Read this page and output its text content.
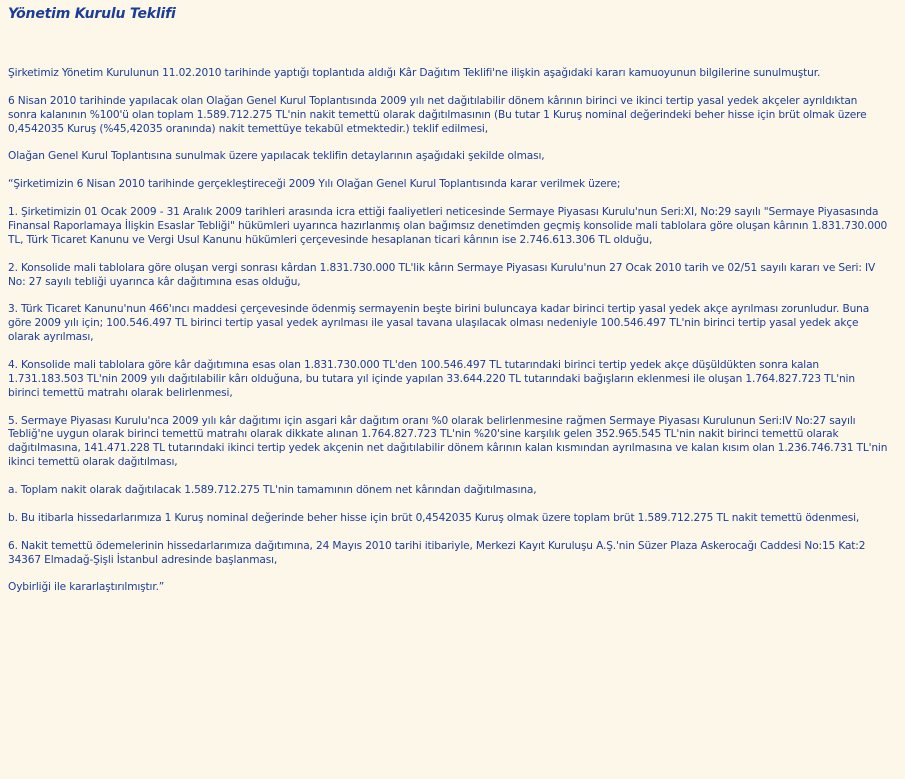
Yönetim Kurulu Teklifi

Şirketimiz Yönetim Kurulunun 11.02.2010 tarihinde yaptığı toplantıda aldığı Kâr Dağıtım Teklifi'ne ilişkin aşağıdaki kararı kamuoyunun bilgilerine sunulmuştur.

6 Nisan 2010 tarihinde yapılacak olan Olağan Genel Kurul Toplantısında 2009 yılı net dağıtılabilir dönem kârının birinci ve ikinci tertip yasal yedek akçeler ayrıldıktan sonra kalanının %100'ü olan toplam 1.589.712.275 TL'nin nakit temettü olarak dağıtılmasının (Bu tutar 1 Kuruş nominal değerindeki beher hisse için brüt olmak üzere 0,4542035 Kuruş (%45,42035 oranında) nakit temettüye tekabül etmektedir.) teklif edilmesi,

Olağan Genel Kurul Toplantısına sunulmak üzere yapılacak teklifin detaylarının aşağıdaki şekilde olması,

“Şirketimizin 6 Nisan 2010 tarihinde gerçekleştireceği 2009 Yılı Olağan Genel Kurul Toplantısında karar verilmek üzere;

1. Şirketimizin 01 Ocak 2009 - 31 Aralık 2009 tarihleri arasında icra ettiği faaliyetleri neticesinde Sermaye Piyasası Kurulu'nun Seri:XI, No:29 sayılı "Sermaye Piyasasında Finansal Raporlamaya İlişkin Esaslar Tebliği" hükümleri uyarınca hazırlanmış olan bağımsız denetimden geçmiş konsolide mali tablolara göre oluşan kârının 1.831.730.000 TL, Türk Ticaret Kanunu ve Vergi Usul Kanunu hükümleri çerçevesinde hesaplanan ticari kârının ise 2.746.613.306 TL olduğu,

2. Konsolide mali tablolara göre oluşan vergi sonrası kârdan 1.831.730.000 TL'lik kârın Sermaye Piyasası Kurulu'nun 27 Ocak 2010 tarih ve 02/51 sayılı kararı ve Seri: IV No: 27 sayılı tebliği uyarınca kâr dağıtımına esas olduğu,

3. Türk Ticaret Kanunu'nun 466'ıncı maddesi çerçevesinde ödenmiş sermayenin beşte birini buluncaya kadar birinci tertip yasal yedek akçe ayrılması zorunludur. Buna göre 2009 yılı için; 100.546.497 TL birinci tertip yasal yedek ayrılması ile yasal tavana ulaşılacak olması nedeniyle 100.546.497 TL'nin birinci tertip yasal yedek akçe olarak ayrılması,

4. Konsolide mali tablolara göre kâr dağıtımına esas olan 1.831.730.000 TL'den 100.546.497 TL tutarındaki birinci tertip yedek akçe düşüldükten sonra kalan 1.731.183.503 TL'nin 2009 yılı dağıtılabilir kârı olduğuna, bu tutara yıl içinde yapılan 33.644.220 TL tutarındaki bağışların eklenmesi ile oluşan 1.764.827.723 TL'nin birinci temettü matrahı olarak belirlenmesi,

5. Sermaye Piyasası Kurulu'nca 2009 yılı kâr dağıtımı için asgari kâr dağıtım oranı %0 olarak belirlenmesine rağmen Sermaye Piyasası Kurulunun Seri:IV No:27 sayılı Tebliğ'ne uygun olarak birinci temettü matrahı olarak dikkate alınan 1.764.827.723 TL'nin %20'sine karşılık gelen 352.965.545 TL'nin nakit birinci temettü olarak dağıtılmasına, 141.471.228 TL tutarındaki ikinci tertip yedek akçenin net dağıtılabilir dönem kârının kalan kısmından ayrılmasına ve kalan kısım olan 1.236.746.731 TL'nin ikinci temettü olarak dağıtılması,

a. Toplam nakit olarak dağıtılacak 1.589.712.275 TL'nin tamamının dönem net kârından dağıtılmasına,

b. Bu itibarla hissedarlarımıza 1 Kuruş nominal değerinde beher hisse için brüt 0,4542035 Kuruş olmak üzere toplam brüt 1.589.712.275 TL nakit temettü ödenmesi,

6. Nakit temettü ödemelerinin hissedarlarımıza dağıtımına, 24 Mayıs 2010 tarihi itibariyle, Merkezi Kayıt Kuruluşu A.Ş.'nin Süzer Plaza Askerocağı Caddesi No:15 Kat:2 34367 Elmadağ-Şişli İstanbul adresinde başlanması,

Oybirliği ile kararlaştırılmıştır.”
